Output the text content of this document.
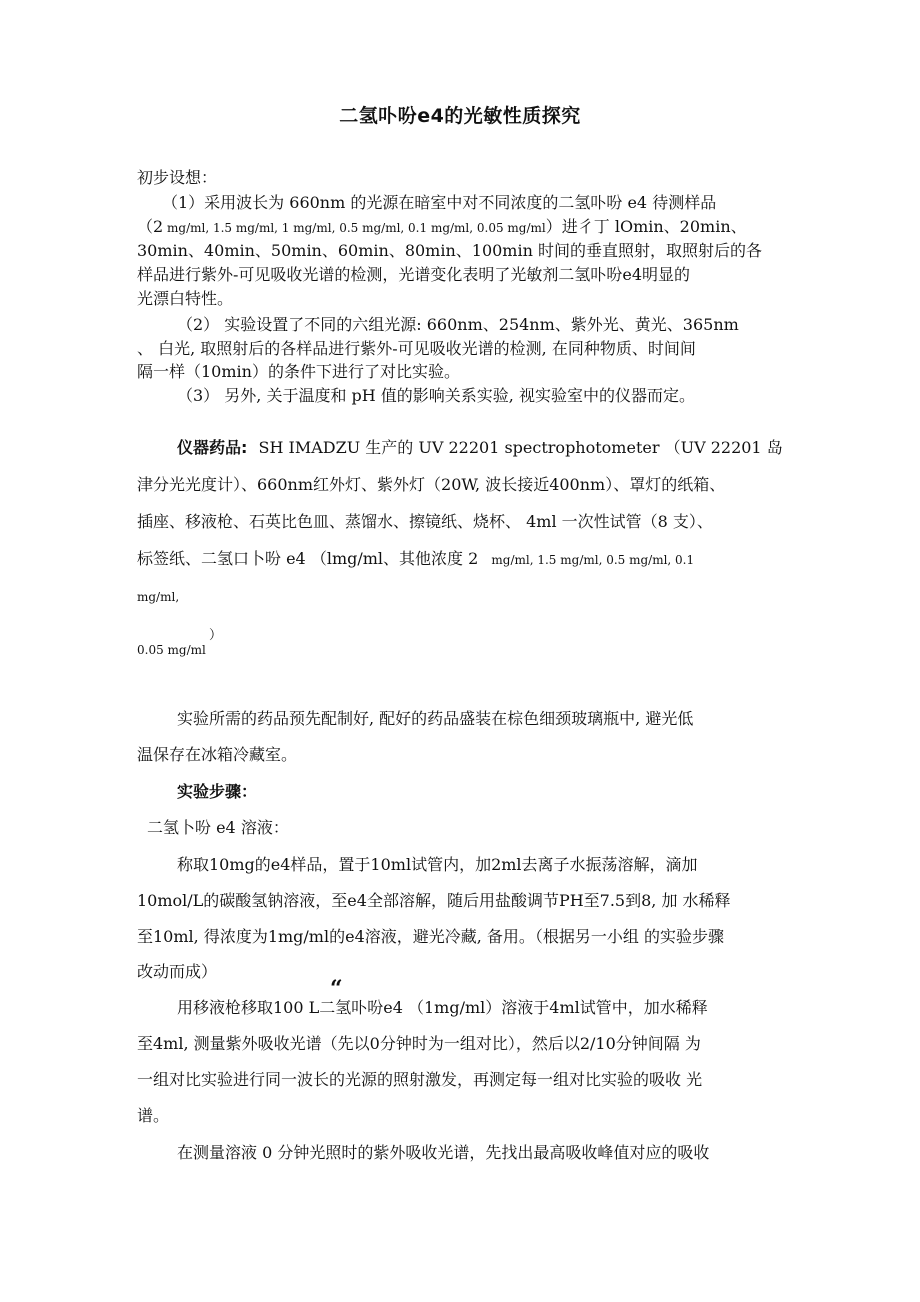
二氢卟吩e4的光敏性质探究
初步设想：
（1）采用波长为 660nm 的光源在暗室中对不同浓度的二氢卟吩 e4 待测样品
（2 mg/ml, 1.5 mg/ml, 1 mg/ml, 0.5 mg/ml, 0.1 mg/ml, 0.05 mg/ml）进彳丁 lOmin、20min、
30min、40min、50min、60min、80min、100min 时间的垂直照射，取照射后的各
样品进行紫外-可见吸收光谱的检测，光谱变化表明了光敏剂二氢卟吩e4明显的
光漂白特性。
（2） 实验设置了不同的六组光源: 660nm、254nm、紫外光、黄光、365nm
、 白光, 取照射后的各样品进行紫外-可见吸收光谱的检测, 在同种物质、时间间
隔一样（10min）的条件下进行了对比实验。
（3） 另外, 关于温度和 pH 值的影响关系实验, 视实验室中的仪器而定。
仪器药品: SH IMADZU 生产的 UV 22201 spectrophotometer （UV 22201 岛
津分光光度计）、660nm红外灯、紫外灯（20W, 波长接近400nm）、罩灯的纸箱、
插座、移液枪、石英比色皿、蒸馏水、擦镜纸、烧杯、 4ml 一次性试管（8 支）、
标签纸、二氢口卜吩 e4 （lmg/ml、其他浓度 2 mg/ml, 1.5 mg/ml, 0.5 mg/ml, 0.1
mg/ml,
0.05 mg/ml
）
实验所需的药品预先配制好, 配好的药品盛装在棕色细颈玻璃瓶中, 避光低
温保存在冰箱冷藏室。
实验步骤：
二氢卜吩 e4 溶液：
称取10mg的e4样品，置于10ml试管内，加2ml去离子水振荡溶解，滴加
10mol/L的碳酸氢钠溶液，至e4全部溶解，随后用盐酸调节PH至7.5到8, 加 水稀释
至10ml, 得浓度为1mg/ml的e4溶液，避光冷藏, 备用。（根据另一小组 的实验步骤
改动而成）
“
用移液枪移取100 L二氢卟吩e4 （1mg/ml）溶液于4ml试管中，加水稀释
至4ml, 测量紫外吸收光谱（先以0分钟时为一组对比），然后以2/10分钟间隔 为
一组对比实验进行同一波长的光源的照射激发，再测定每一组对比实验的吸收 光
谱。
在测量溶液 0 分钟光照时的紫外吸收光谱，先找出最高吸收峰值对应的吸收
